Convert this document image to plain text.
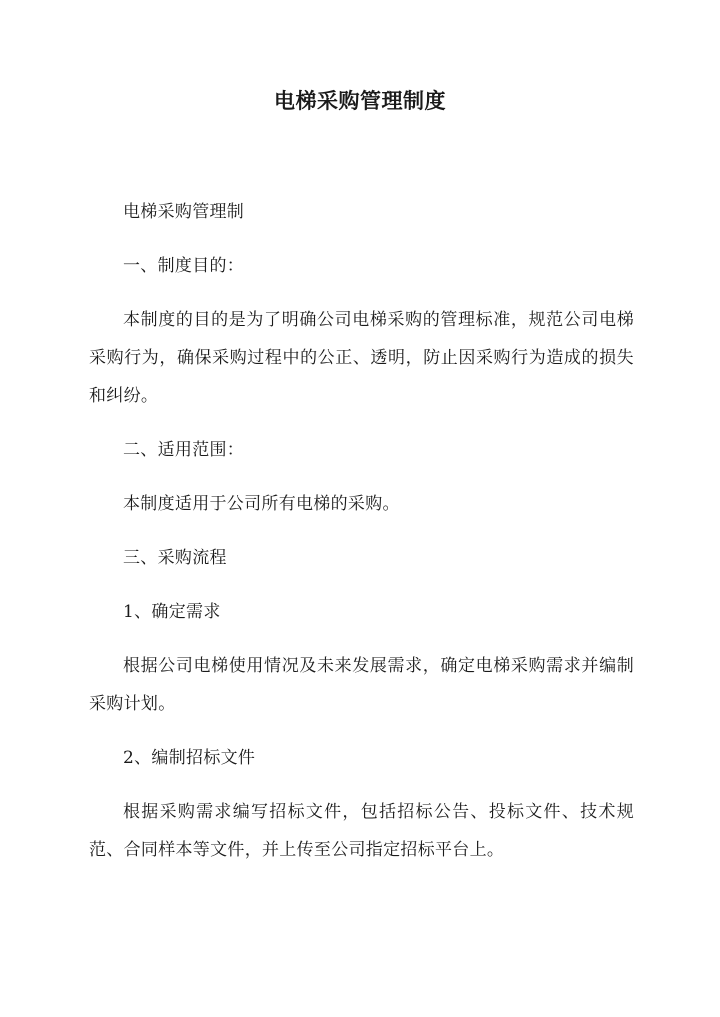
电梯采购管理制度

电梯采购管理制

一、制度目的：

本制度的目的是为了明确公司电梯采购的管理标准，规范公司电梯采购行为，确保采购过程中的公正、透明，防止因采购行为造成的损失和纠纷。

二、适用范围：

本制度适用于公司所有电梯的采购。

三、采购流程

1、确定需求

根据公司电梯使用情况及未来发展需求，确定电梯采购需求并编制采购计划。

2、编制招标文件

根据采购需求编写招标文件，包括招标公告、投标文件、技术规范、合同样本等文件，并上传至公司指定招标平台上。
